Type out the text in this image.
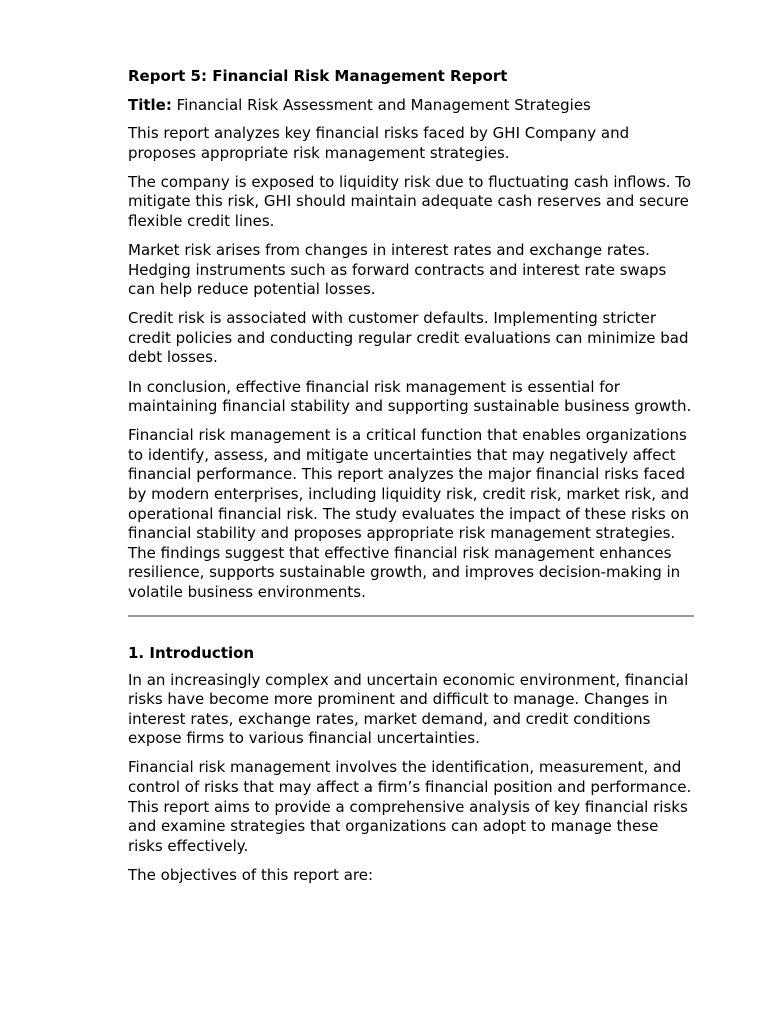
Report 5: Financial Risk Management Report

Title: Financial Risk Assessment and Management Strategies

This report analyzes key financial risks faced by GHI Company and proposes appropriate risk management strategies.

The company is exposed to liquidity risk due to fluctuating cash inflows. To mitigate this risk, GHI should maintain adequate cash reserves and secure flexible credit lines.

Market risk arises from changes in interest rates and exchange rates. Hedging instruments such as forward contracts and interest rate swaps can help reduce potential losses.

Credit risk is associated with customer defaults. Implementing stricter credit policies and conducting regular credit evaluations can minimize bad debt losses.

In conclusion, effective financial risk management is essential for maintaining financial stability and supporting sustainable business growth.

Financial risk management is a critical function that enables organizations to identify, assess, and mitigate uncertainties that may negatively affect financial performance. This report analyzes the major financial risks faced by modern enterprises, including liquidity risk, credit risk, market risk, and operational financial risk. The study evaluates the impact of these risks on financial stability and proposes appropriate risk management strategies. The findings suggest that effective financial risk management enhances resilience, supports sustainable growth, and improves decision-making in volatile business environments.

1. Introduction

In an increasingly complex and uncertain economic environment, financial risks have become more prominent and difficult to manage. Changes in interest rates, exchange rates, market demand, and credit conditions expose firms to various financial uncertainties.

Financial risk management involves the identification, measurement, and control of risks that may affect a firm’s financial position and performance. This report aims to provide a comprehensive analysis of key financial risks and examine strategies that organizations can adopt to manage these risks effectively.

The objectives of this report are:
